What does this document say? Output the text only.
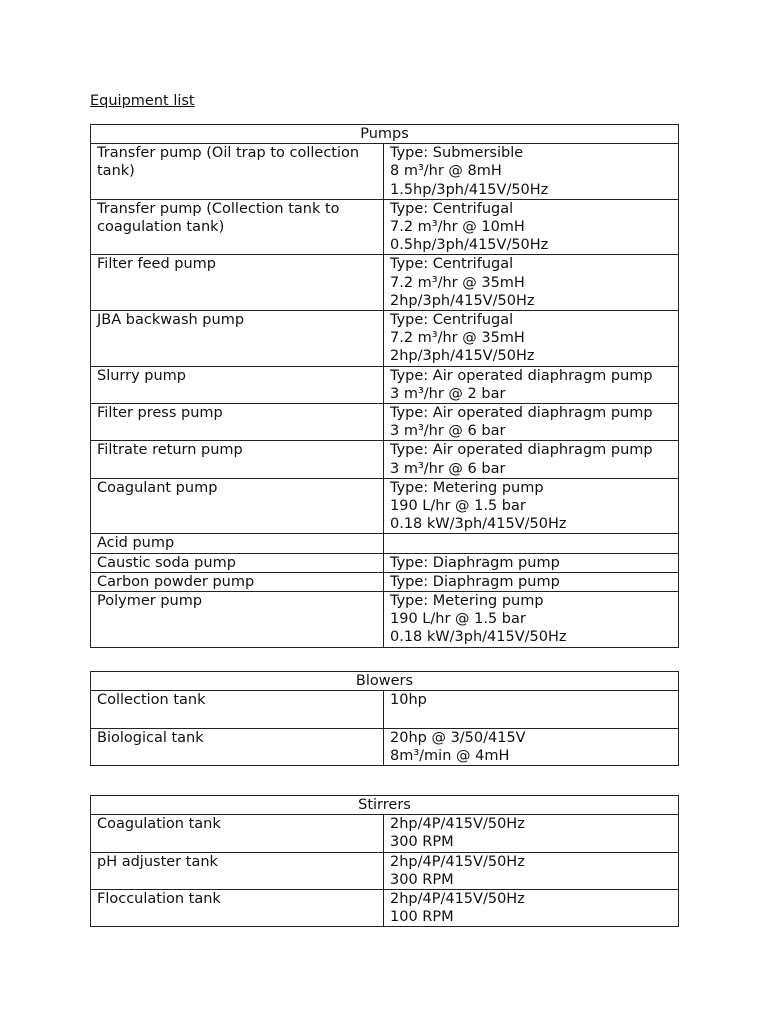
Equipment list
Pumps	
Transfer pump (Oil trap to collection tank)	Type: Submersible
8 m³/hr @ 8mH
1.5hp/3ph/415V/50Hz

Transfer pump (Collection tank to coagulation tank)	Type: Centrifugal
7.2 m³/hr @ 10mH
0.5hp/3ph/415V/50Hz

Filter feed pump	Type: Centrifugal
7.2 m³/hr @ 35mH
2hp/3ph/415V/50Hz

JBA backwash pump	Type: Centrifugal
7.2 m³/hr @ 35mH
2hp/3ph/415V/50Hz

Slurry pump	Type: Air operated diaphragm pump
3 m³/hr @ 2 bar

Filter press pump	Type: Air operated diaphragm pump
3 m³/hr @ 6 bar

Filtrate return pump	Type: Air operated diaphragm pump
3 m³/hr @ 6 bar

Coagulant pump	Type: Metering pump
190 L/hr @ 1.5 bar
0.18 kW/3ph/415V/50Hz

Acid pump	

Caustic soda pump	Type: Diaphragm pump

Carbon powder pump	Type: Diaphragm pump

Polymer pump	Type: Metering pump
190 L/hr @ 1.5 bar
0.18 kW/3ph/415V/50Hz
Blowers	
Collection tank	10hp

Biological tank	20hp @ 3/50/415V
8m³/min @ 4mH
Stirrers	
Coagulation tank	2hp/4P/415V/50Hz
300 RPM

pH adjuster tank	2hp/4P/415V/50Hz
300 RPM

Flocculation tank	2hp/4P/415V/50Hz
100 RPM
